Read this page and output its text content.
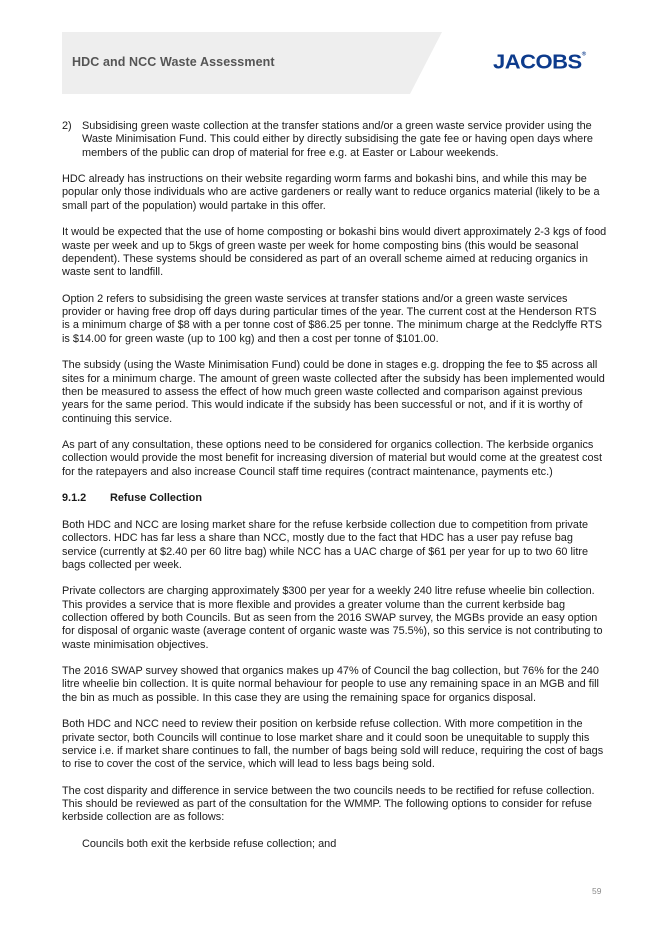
HDC and NCC Waste Assessment	JACOBS®
2) Subsidising green waste collection at the transfer stations and/or a green waste service provider using the Waste Minimisation Fund. This could either by directly subsidising the gate fee or having open days where members of the public can drop of material for free e.g. at Easter or Labour weekends.

HDC already has instructions on their website regarding worm farms and bokashi bins, and while this may be popular only those individuals who are active gardeners or really want to reduce organics material (likely to be a small part of the population) would partake in this offer.

It would be expected that the use of home composting or bokashi bins would divert approximately 2-3 kgs of food waste per week and up to 5kgs of green waste per week for home composting bins (this would be seasonal dependent). These systems should be considered as part of an overall scheme aimed at reducing organics in waste sent to landfill.

Option 2 refers to subsidising the green waste services at transfer stations and/or a green waste services provider or having free drop off days during particular times of the year. The current cost at the Henderson RTS is a minimum charge of $8 with a per tonne cost of $86.25 per tonne. The minimum charge at the Redclyffe RTS is $14.00 for green waste (up to 100 kg) and then a cost per tonne of $101.00.

The subsidy (using the Waste Minimisation Fund) could be done in stages e.g. dropping the fee to $5 across all sites for a minimum charge. The amount of green waste collected after the subsidy has been implemented would then be measured to assess the effect of how much green waste collected and comparison against previous years for the same period. This would indicate if the subsidy has been successful or not, and if it is worthy of continuing this service.

As part of any consultation, these options need to be considered for organics collection. The kerbside organics collection would provide the most benefit for increasing diversion of material but would come at the greatest cost for the ratepayers and also increase Council staff time requires (contract maintenance, payments etc.)

9.1.2	Refuse Collection

Both HDC and NCC are losing market share for the refuse kerbside collection due to competition from private collectors. HDC has far less a share than NCC, mostly due to the fact that HDC has a user pay refuse bag service (currently at $2.40 per 60 litre bag) while NCC has a UAC charge of $61 per year for up to two 60 litre bags collected per week.

Private collectors are charging approximately $300 per year for a weekly 240 litre refuse wheelie bin collection. This provides a service that is more flexible and provides a greater volume than the current kerbside bag collection offered by both Councils. But as seen from the 2016 SWAP survey, the MGBs provide an easy option for disposal of organic waste (average content of organic waste was 75.5%), so this service is not contributing to waste minimisation objectives.

The 2016 SWAP survey showed that organics makes up 47% of Council the bag collection, but 76% for the 240 litre wheelie bin collection. It is quite normal behaviour for people to use any remaining space in an MGB and fill the bin as much as possible. In this case they are using the remaining space for organics disposal.

Both HDC and NCC need to review their position on kerbside refuse collection. With more competition in the private sector, both Councils will continue to lose market share and it could soon be unequitable to supply this service i.e. if market share continues to fall, the number of bags being sold will reduce, requiring the cost of bags to rise to cover the cost of the service, which will lead to less bags being sold.

The cost disparity and difference in service between the two councils needs to be rectified for refuse collection. This should be reviewed as part of the consultation for the WMMP. The following options to consider for refuse kerbside collection are as follows:

Councils both exit the kerbside refuse collection; and
59
